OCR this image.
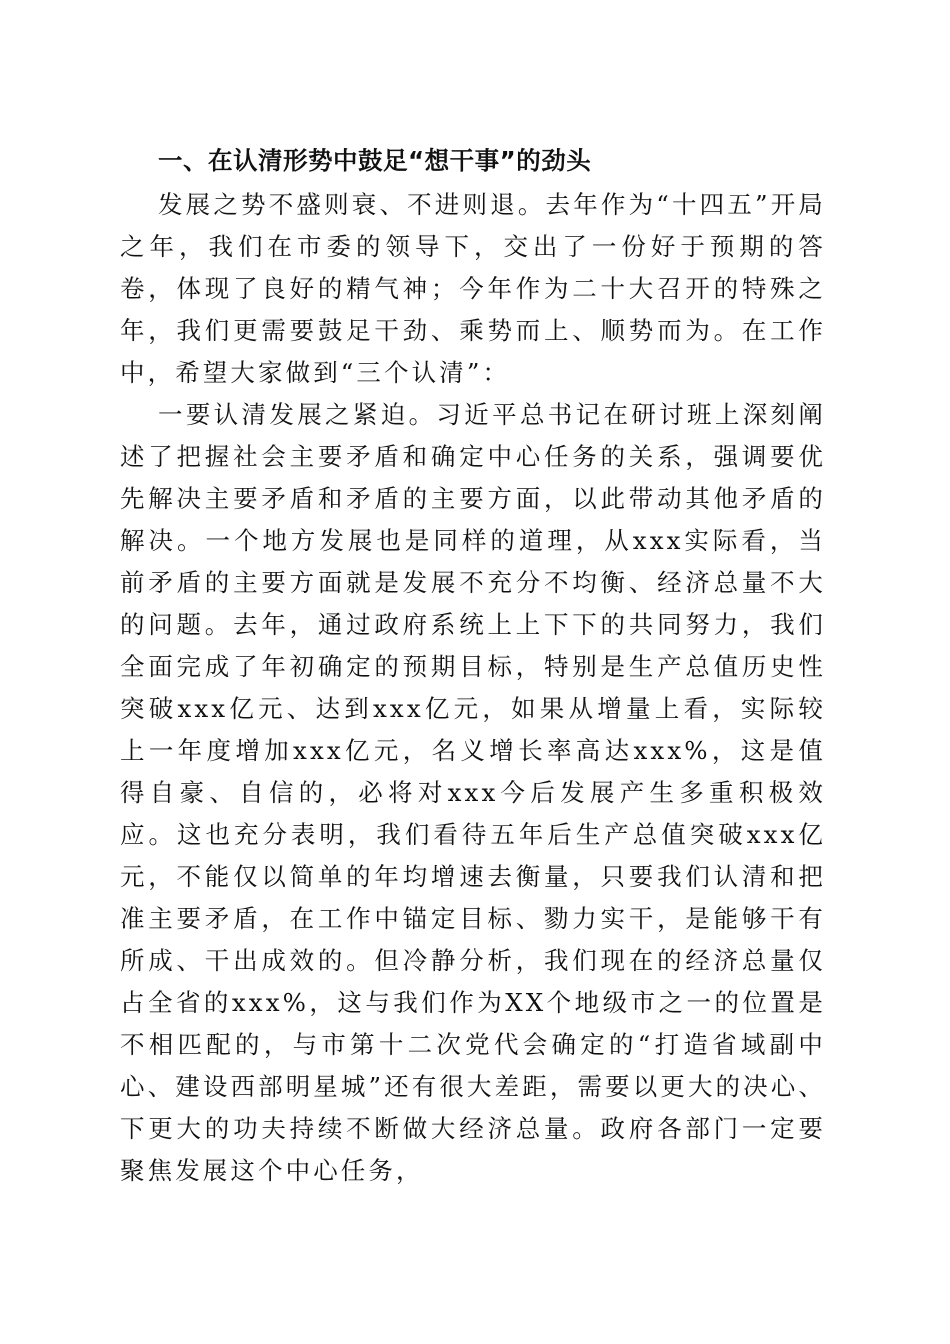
一、在认清形势中鼓足“想干事”的劲头

发展之势不盛则衰、不进则退。去年作为“十四五”开局之年，我们在市委的领导下，交出了一份好于预期的答卷，体现了良好的精气神；今年作为二十大召开的特殊之年，我们更需要鼓足干劲、乘势而上、顺势而为。在工作中，希望大家做到“三个认清”：

一要认清发展之紧迫。习近平总书记在研讨班上深刻阐述了把握社会主要矛盾和确定中心任务的关系，强调要优先解决主要矛盾和矛盾的主要方面，以此带动其他矛盾的解决。一个地方发展也是同样的道理，从xxx实际看，当前矛盾的主要方面就是发展不充分不均衡、经济总量不大的问题。去年，通过政府系统上上下下的共同努力，我们全面完成了年初确定的预期目标，特别是生产总值历史性突破xxx亿元、达到xxx亿元，如果从增量上看，实际较上一年度增加xxx亿元，名义增长率高达xxx%，这是值得自豪、自信的，必将对xxx今后发展产生多重积极效应。这也充分表明，我们看待五年后生产总值突破xxx亿元，不能仅以简单的年均增速去衡量，只要我们认清和把准主要矛盾，在工作中锚定目标、勠力实干，是能够干有所成、干出成效的。但冷静分析，我们现在的经济总量仅占全省的xxx%，这与我们作为XX个地级市之一的位置是不相匹配的，与市第十二次党代会确定的“打造省域副中心、建设西部明星城”还有很大差距，需要以更大的决心、下更大的功夫持续不断做大经济总量。政府各部门一定要聚焦发展这个中心任务，
